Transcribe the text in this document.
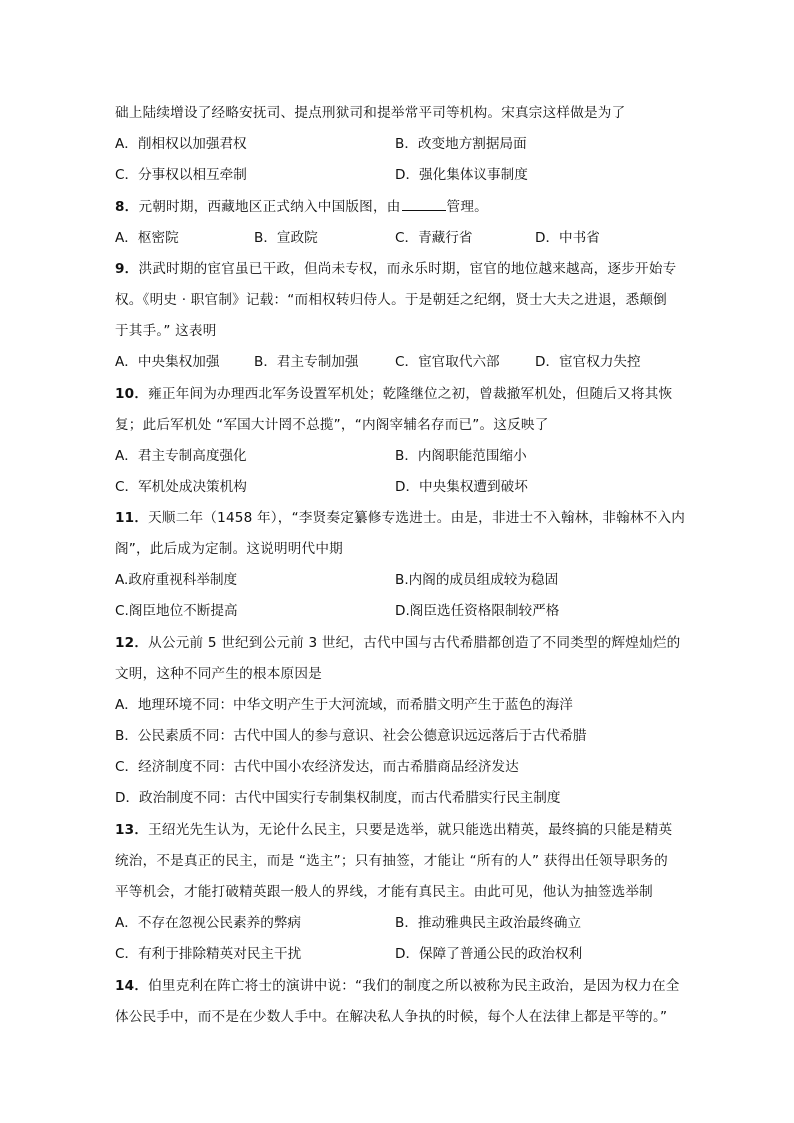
础上陆续增设了经略安抚司、提点刑狱司和提举常平司等机构。宋真宗这样做是为了
A．削相权以加强君权	B．改变地方割据局面
C．分事权以相互牵制	D．强化集体议事制度
8．元朝时期，西藏地区正式纳入中国版图，由	管理。
A．枢密院	B．宣政院	C．青藏行省	D．中书省
9．洪武时期的宦官虽已干政，但尚未专权，而永乐时期，宦官的地位越来越高，逐步开始专
权。《明史 · 职官制》记载：“而相权转归侍人。于是朝廷之纪纲，贤士大夫之进退，悉颠倒
于其手。” 这表明
A．中央集权加强	B．君主专制加强	C．宦官取代六部	D．宦官权力失控
10．雍正年间为办理西北军务设置军机处；乾隆继位之初，曾裁撤军机处，但随后又将其恢
复；此后军机处 “军国大计罔不总揽”，“内阁宰辅名存而已”。这反映了
A．君主专制高度强化	B．内阁职能范围缩小
C．军机处成决策机构	D．中央集权遭到破坏
11．天顺二年（1458 年），“李贤奏定纂修专选进士。由是，非进士不入翰林，非翰林不入内
阁”，此后成为定制。这说明明代中期
A.政府重视科举制度	B.内阁的成员组成较为稳固
C.阁臣地位不断提高	D.阁臣选任资格限制较严格
12．从公元前 5 世纪到公元前 3 世纪，古代中国与古代希腊都创造了不同类型的辉煌灿烂的
文明，这种不同产生的根本原因是
A．地理环境不同：中华文明产生于大河流域，而希腊文明产生于蓝色的海洋
B．公民素质不同：古代中国人的参与意识、社会公德意识远远落后于古代希腊
C．经济制度不同：古代中国小农经济发达，而古希腊商品经济发达
D．政治制度不同：古代中国实行专制集权制度，而古代希腊实行民主制度
13．王绍光先生认为，无论什么民主，只要是选举，就只能选出精英，最终搞的只能是精英
统治，不是真正的民主，而是 “选主”；只有抽签，才能让 “所有的人” 获得出任领导职务的
平等机会，才能打破精英跟一般人的界线，才能有真民主。由此可见，他认为抽签选举制
A．不存在忽视公民素养的弊病	B．推动雅典民主政治最终确立
C．有利于排除精英对民主干扰	D．保障了普通公民的政治权利
14．伯里克利在阵亡将士的演讲中说：“我们的制度之所以被称为民主政治，是因为权力在全
体公民手中，而不是在少数人手中。在解决私人争执的时候，每个人在法律上都是平等的。”
